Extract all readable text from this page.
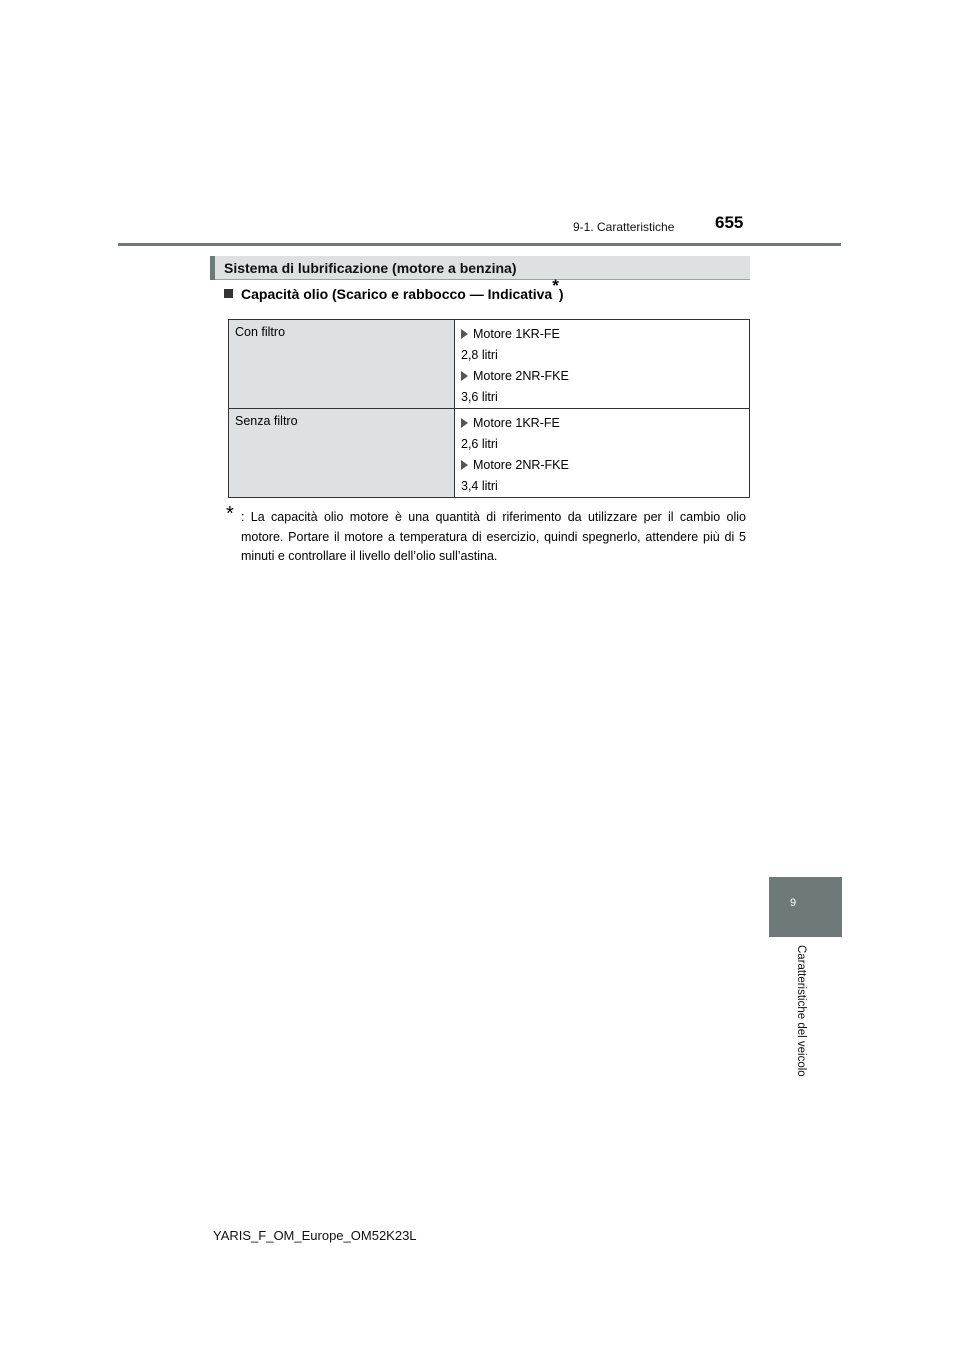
9-1. Caratteristiche 655
Sistema di lubrificazione (motore a benzina)
Capacità olio (Scarico e rabbocco — Indicativa*)
Con filtro	Motore 1KR-FE
2,8 litri
Motore 2NR-FKE
3,6 litri

Senza filtro	Motore 1KR-FE
2,6 litri
Motore 2NR-FKE
3,4 litri
* : La capacità olio motore è una quantità di riferimento da utilizzare per il cambio olio motore. Portare il motore a temperatura di esercizio, quindi spegnerlo, attendere più di 5 minuti e controllare il livello dell’olio sull’astina.
9
Caratteristiche del veicolo
YARIS_F_OM_Europe_OM52K23L
